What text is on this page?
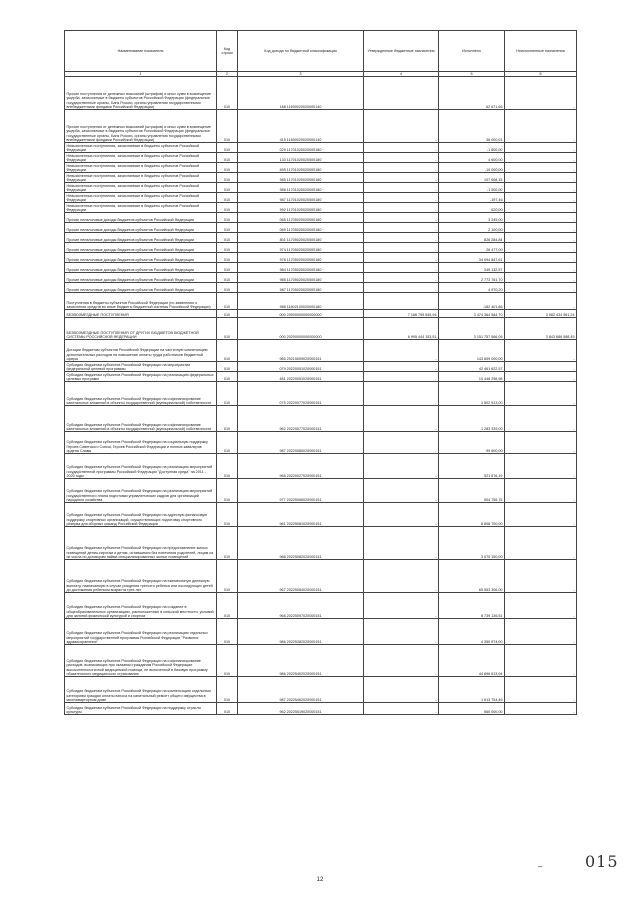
Наименование показателя	Код строки	Код дохода по бюджетной классификации	Утвержденные бюджетные назначения	Исполнено	Неисполненные назначения
1	2	3	4	5	6
Прочие поступления от денежных взысканий (штрафов) и иных сумм в возмещение ущерба, зачисляемые в бюджеты субъектов Российской Федерации (федеральные государственные органы, Банк России, органы управления государственными внебюджетными фондами Российской Федерации)	010	188 11690020020000140	-	62 671,66	-
Прочие поступления от денежных взысканий (штрафов) и иных сумм в возмещение ущерба, зачисляемые в бюджеты субъектов Российской Федерации (федеральные государственные органы, Банк России, органы управления государственными внебюджетными фондами Российской Федерации)	010	415 11690020020000140	-	36 000,01	-
Невыясненные поступления, зачисляемые в бюджеты субъектов Российской Федерации	010	029 11701020020000180	-	-1 600,00	-
Невыясненные поступления, зачисляемые в бюджеты субъектов Российской Федерации	010	133 11701020020000180	-	4 600,00	-
Невыясненные поступления, зачисляемые в бюджеты субъектов Российской Федерации	010	695 11701020020000180	-	-10 000,00	-
Невыясненные поступления, зачисляемые в бюджеты субъектов Российской Федерации	010	985 11701020020000180	-	107 608,15	-
Невыясненные поступления, зачисляемые в бюджеты субъектов Российской Федерации	010	986 11701020020000180	-	-1 500,00	-
Невыясненные поступления, зачисляемые в бюджеты субъектов Российской Федерации	010	987 11701020020000180	-	-197,46	-
Невыясненные поступления, зачисляемые в бюджеты субъектов Российской Федерации	010	992 11701020020000180	-	620,00	-
Прочие неналоговые доходы бюджетов субъектов Российской Федерации	010	065 11705020020000180	-	3 245,00	-
Прочие неналоговые доходы бюджетов субъектов Российской Федерации	010	069 11705020020000180	-	2 100,00	-
Прочие неналоговые доходы бюджетов субъектов Российской Федерации	010	801 11705020020000180	-	826 284,84	-
Прочие неналоговые доходы бюджетов субъектов Российской Федерации	010	974 11705020020000180	-	26 477,00	-
Прочие неналоговые доходы бюджетов субъектов Российской Федерации	010	978 11705020020000180	-	34 094 847,61	-
Прочие неналоговые доходы бюджетов субъектов Российской Федерации	010	984 11705020020000180	-	349 132,57	-
Прочие неналоговые доходы бюджетов субъектов Российской Федерации	010	985 11705020020000180	-	2 773 761,70	-
Прочие неналоговые доходы бюджетов субъектов Российской Федерации	010	987 11705020020000180	-	4 970,20	-
Поступления в бюджеты субъектов Российской Федерации (по заявлению о зачислении средств во иные бюджеты бюджетной системы Российской Федерации)	010	988 11802100020000180	-	-182 401,86	-
БЕЗВОЗМЕЗДНЫЕ ПОСТУПЛЕНИЯ	010	000 20000000000000000	7 186 799 545,94	3 474 364 584,70	3 082 434 961,24
БЕЗВОЗМЕЗДНЫЕ ПОСТУПЛЕНИЯ ОТ ДРУГИХ БЮДЖЕТОВ БЮДЖЕТНОЙ СИСТЕМЫ РОССИЙСКОЙ ФЕДЕРАЦИИ	010	000 20200000000000000	6 995 444 153,51	3 151 757 566,06	3 843 686 588,45
Дотации бюджетам субъектов Российской Федерации на частичную компенсацию дополнительных расходов на повышение оплаты труда работников бюджетной сферы	010	965 20215009020000151	-	143 609 000,00	-
Субсидии бюджетам субъектов Российской Федерации на мероприятия федеральной целевой программы	010	079 20220051020000151	-	42 461 622,57	-
Субсидии бюджетам субъектов Российской Федерации на реализацию федеральных целевых программ	010	481 20220051020000151	-	10 448 298,98	-
Субсидии бюджетам субъектов Российской Федерации на софинансирование капитальных вложений в объекты государственной (муниципальной) собственности	010	075 20220077020000151	-	1 502 513,00	-
Субсидии бюджетам субъектов Российской Федерации на софинансирование капитальных вложений в объекты государственной (муниципальной) собственности	010	962 20220077020000151	-	1 283 339,00	-
Субсидии бюджетам субъектов Российской Федерации на социальную поддержку Героев Советского Союза, Героев Российской Федерации и полных кавалеров ордена Славы	010	987 20220080020000151	-	99 600,00	-
Субсидии бюджетам субъектов Российской Федерации на реализацию мероприятий государственной программы Российской Федерации "Доступная среда" на 2011 - 2020 годы	010	968 20220027020000151	-	521 676,19	-
Субсидии бюджетам субъектов Российской Федерации на реализацию мероприятий государственного плана подготовки управленческих кадров для организаций народного хозяйства	010	977 20225066020000151	-	504 755,75	-
Субсидии бюджетам субъектов Российской Федерации на адресную финансовую поддержку спортивных организаций, осуществляющих подготовку спортивного резерва для сборных команд Российской Федерации	010	961 20225081020000151	-	8 808 700,00	-
Субсидии бюджетам субъектов Российской Федерации на предоставление жилых помещений детям-сиротам и детям, оставшимся без попечения родителей, лицам из их числа по договорам найма специализированных жилых помещений	010	968 20225082020000151	-	3 070 150,00	-
Субсидии бюджетам субъектов Российской Федерации на ежемесячную денежную выплату, назначаемую в случае рождения третьего ребенка или последующих детей до достижения ребенком возраста трех лет	010	967 20225084020000151	-	65 553 306,00	-
Субсидии бюджетам субъектов Российской Федерации на создание в общеобразовательных организациях, расположенных в сельской местности, условий для занятий физической культурой и спортом	010	968 20225097020000151	-	8 739 136,51	-
Субсидии бюджетам субъектов Российской Федерации на реализацию отдельных мероприятий государственной программы Российской Федерации "Развитие здравоохранения"	010	986 20225382020000151	-	4 350 974,00	-
Субсидии бюджетам субъектов Российской Федерации на софинансирование расходов, возникающих при оказании гражданам Российской Федерации высокотехнологичной медицинской помощи, не включенной в базовую программу обязательного медицинского страхования	010	986 20225402020000151	-	44 896 613,04	-
Субсидии бюджетам субъектов Российской Федерации на компенсацию отдельным категориям граждан оплаты взноса на капитальный ремонт общего имущества в многоквартирном доме	010	987 20225462020000151	-	1 613 754,46	-
Субсидии бюджетам субъектов Российской Федерации на поддержку отрасли культуры	010	962 20225519020000151	-	560 000,00	-
–	015
12
